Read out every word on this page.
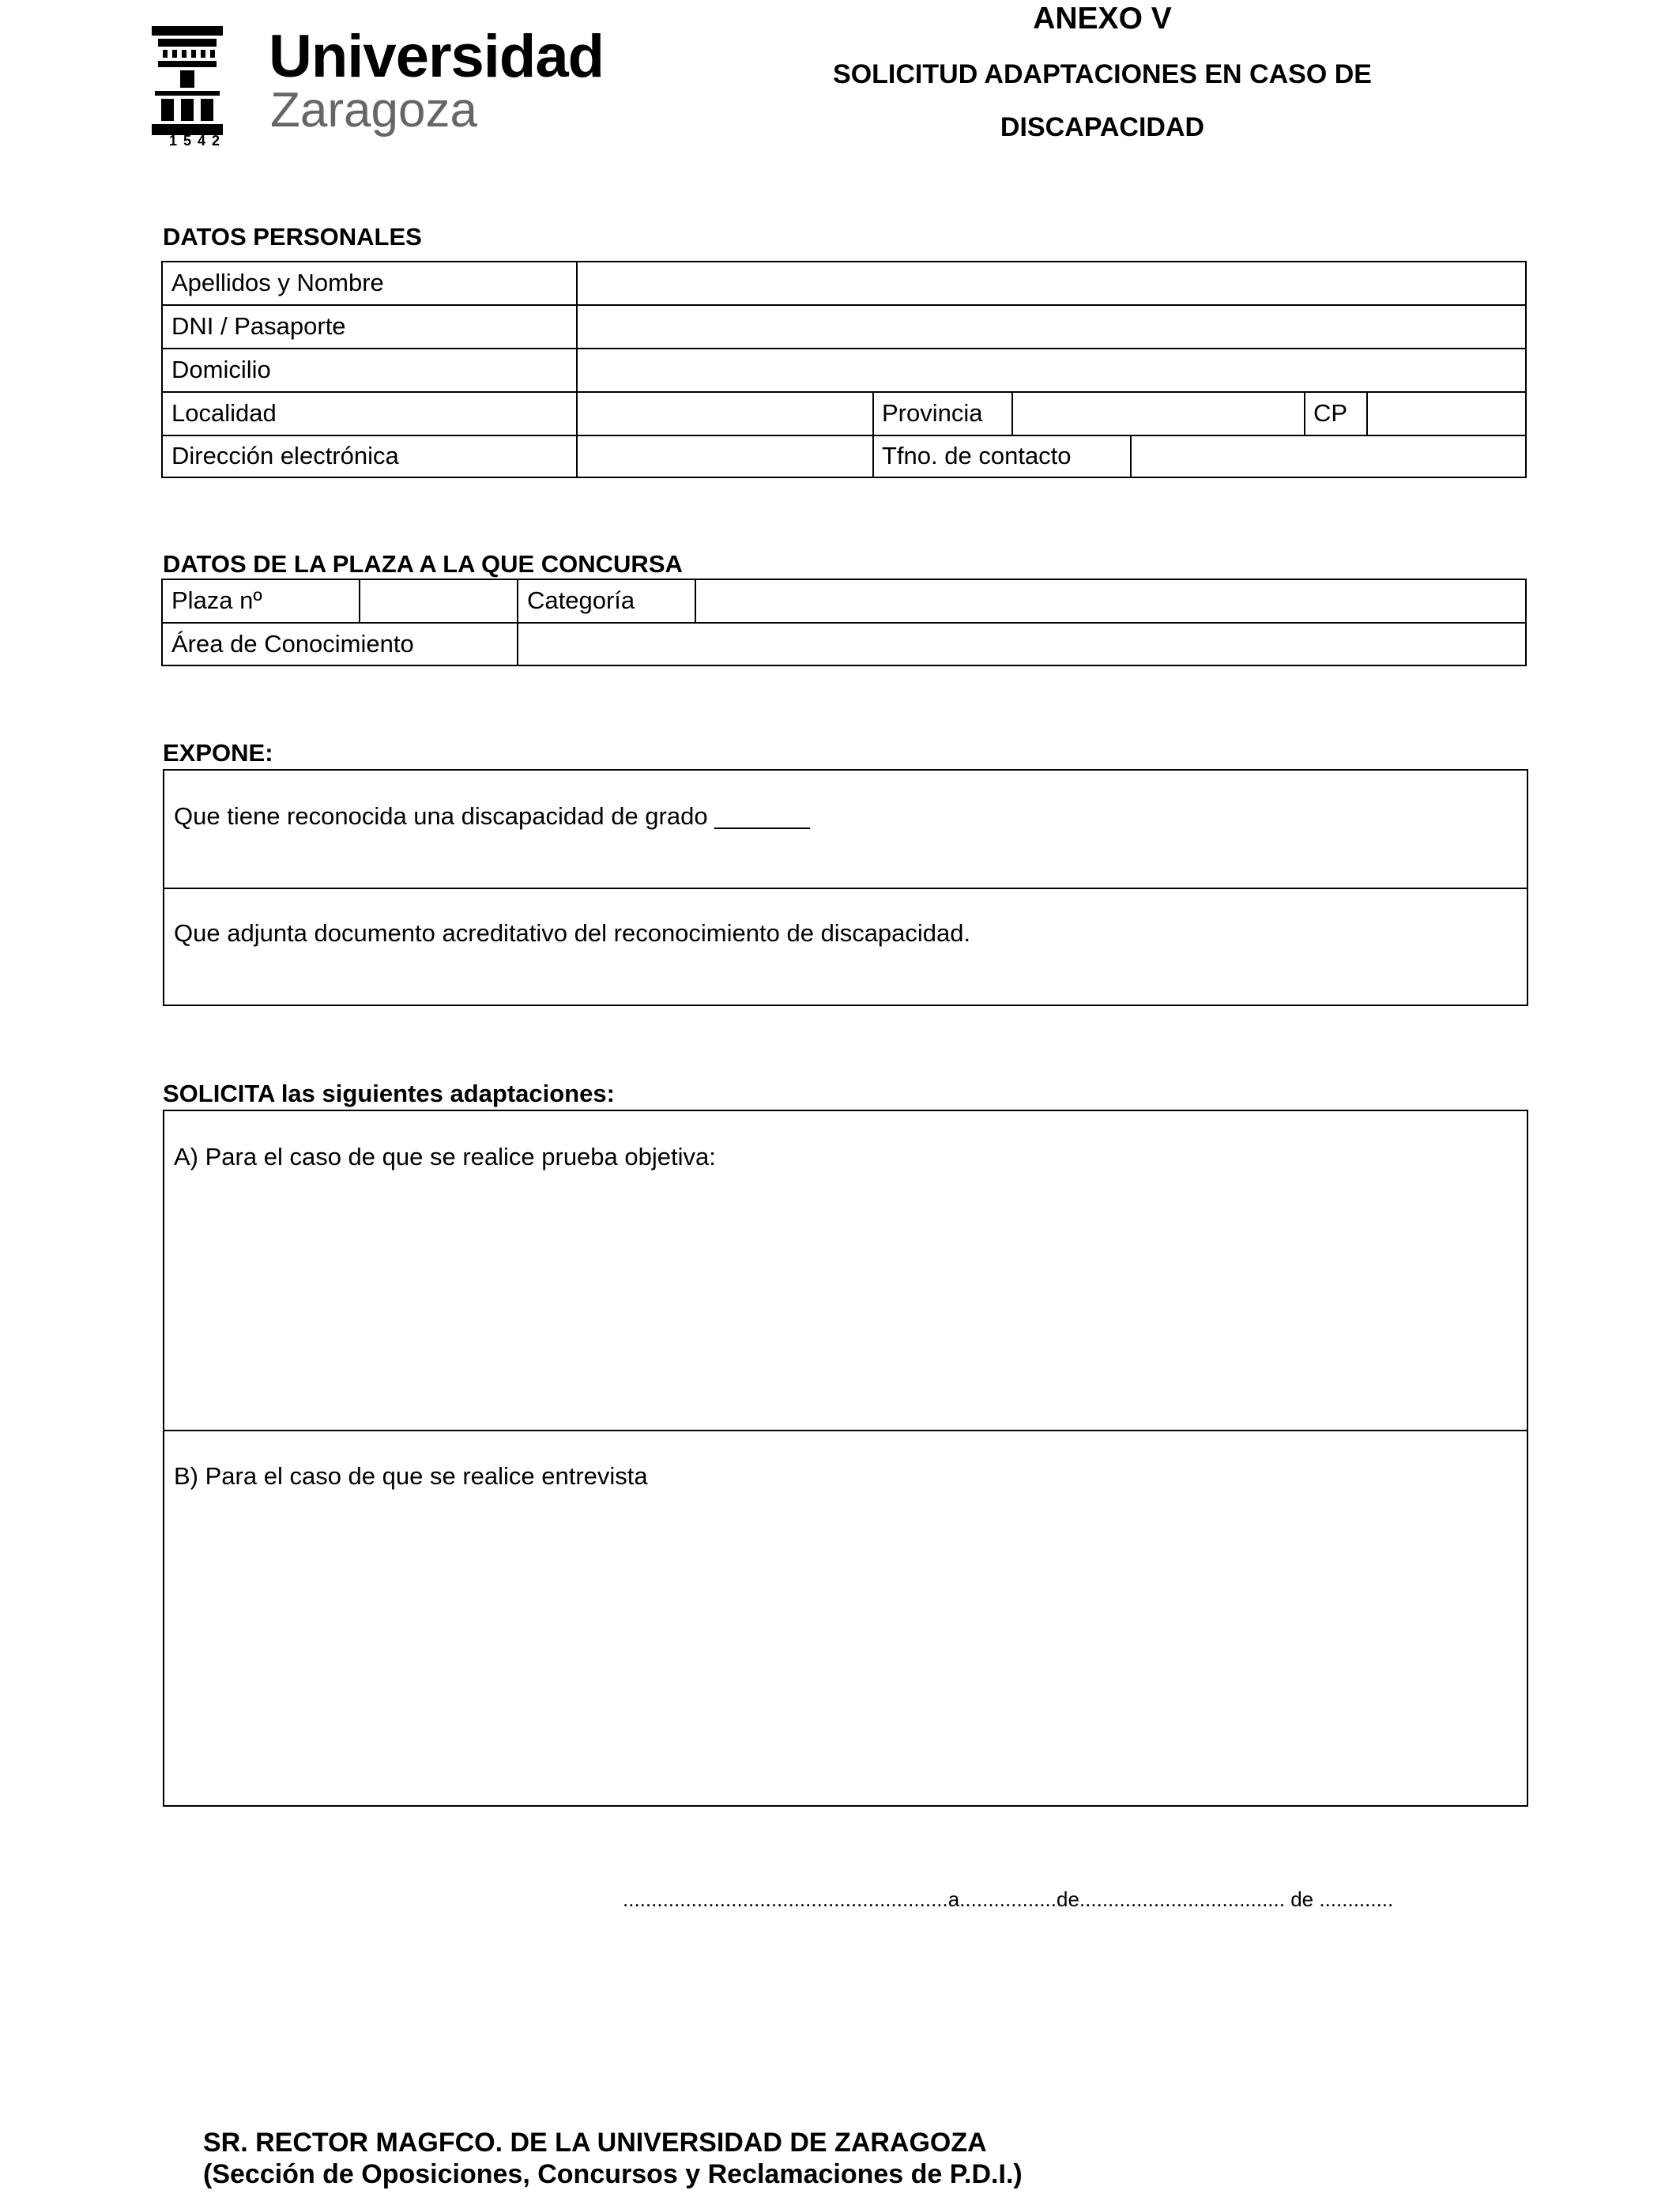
Universidad
Zaragoza
1542
ANEXO V
SOLICITUD ADAPTACIONES EN CASO DE
DISCAPACIDAD
DATOS PERSONALES
Apellidos y Nombre
DNI / Pasaporte
Domicilio
Localidad	Provincia	CP
Dirección electrónica	Tfno. de contacto
DATOS DE LA PLAZA A LA QUE CONCURSA
Plaza nº	Categoría
Área de Conocimiento
EXPONE:
Que tiene reconocida una discapacidad de grado _______
Que adjunta documento acreditativo del reconocimiento de discapacidad.
SOLICITA las siguientes adaptaciones:
A) Para el caso de que se realice prueba objetiva:
B) Para el caso de que se realice entrevista
.........................................................a.................de.................................... de .............
SR. RECTOR MAGFCO. DE LA UNIVERSIDAD DE ZARAGOZA
(Sección de Oposiciones, Concursos y Reclamaciones de P.D.I.)
